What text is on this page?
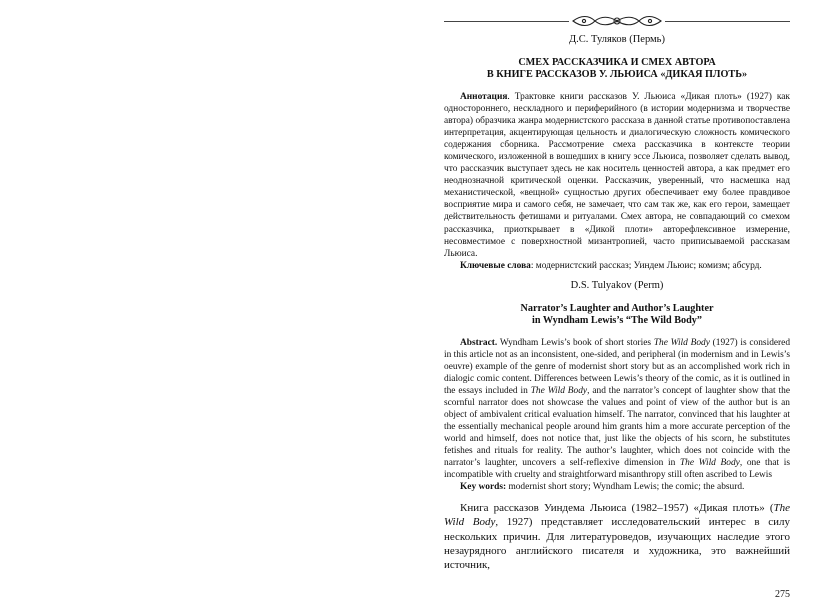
Д.С. Туляков (Пермь)
СМЕХ РАССКАЗЧИКА И СМЕХ АВТОРА
В КНИГЕ РАССКАЗОВ У. ЛЬЮИСА «ДИКАЯ ПЛОТЬ»

Аннотация. Трактовке книги рассказов У. Льюиса «Дикая плоть» (1927) как одностороннего, нескладного и периферийного (в истории модернизма и творчестве автора) образчика жанра модернистского рассказа в данной статье противопоставлена интерпретация, акцентирующая цельность и диалогическую сложность комического содержания сборника. Рассмотрение смеха рассказчика в контексте теории комического, изложенной в вошедших в книгу эссе Льюиса, позволяет сделать вывод, что рассказчик выступает здесь не как носитель ценностей автора, а как предмет его неоднозначной критической оценки. Рассказчик, уверенный, что насмешка над механистической, «вещной» сущностью других обеспечивает ему более правдивое восприятие мира и самого себя, не замечает, что сам так же, как его герои, замещает действительность фетишами и ритуалами. Смех автора, не совпадающий со смехом рассказчика, приоткрывает в «Дикой плоти» авторефлексивное измерение, несовместимое с поверхностной мизантропией, часто приписываемой рассказам Льюиса.

Ключевые слова: модернистский рассказ; Уиндем Льюис; комизм; абсурд.

D.S. Tulyakov (Perm)
Narrator’s Laughter and Author’s Laughter
in Wyndham Lewis’s “The Wild Body”

Abstract. Wyndham Lewis’s book of short stories The Wild Body (1927) is considered in this article not as an inconsistent, one-sided, and peripheral (in modernism and in Lewis’s oeuvre) example of the genre of modernist short story but as an accomplished work rich in dialogic comic content. Differences between Lewis’s theory of the comic, as it is outlined in the essays included in The Wild Body, and the narrator’s concept of laughter show that the scornful narrator does not showcase the values and point of view of the author but is an object of ambivalent critical evaluation himself. The narrator, convinced that his laughter at the essentially mechanical people around him grants him a more accurate perception of the world and himself, does not notice that, just like the objects of his scorn, he substitutes fetishes and rituals for reality. The author’s laughter, which does not coincide with the narrator’s laughter, uncovers a self-reflexive dimension in The Wild Body, one that is incompatible with cruelty and straightforward misanthropy still often ascribed to Lewis

Key words: modernist short story; Wyndham Lewis; the comic; the absurd.

Книга рассказов Уиндема Льюиса (1982–1957) «Дикая плоть» (The Wild Body, 1927) представляет исследовательский интерес в силу нескольких причин. Для литературоведов, изучающих наследие этого незаурядного английского писателя и художника, это важнейший источник,
275
